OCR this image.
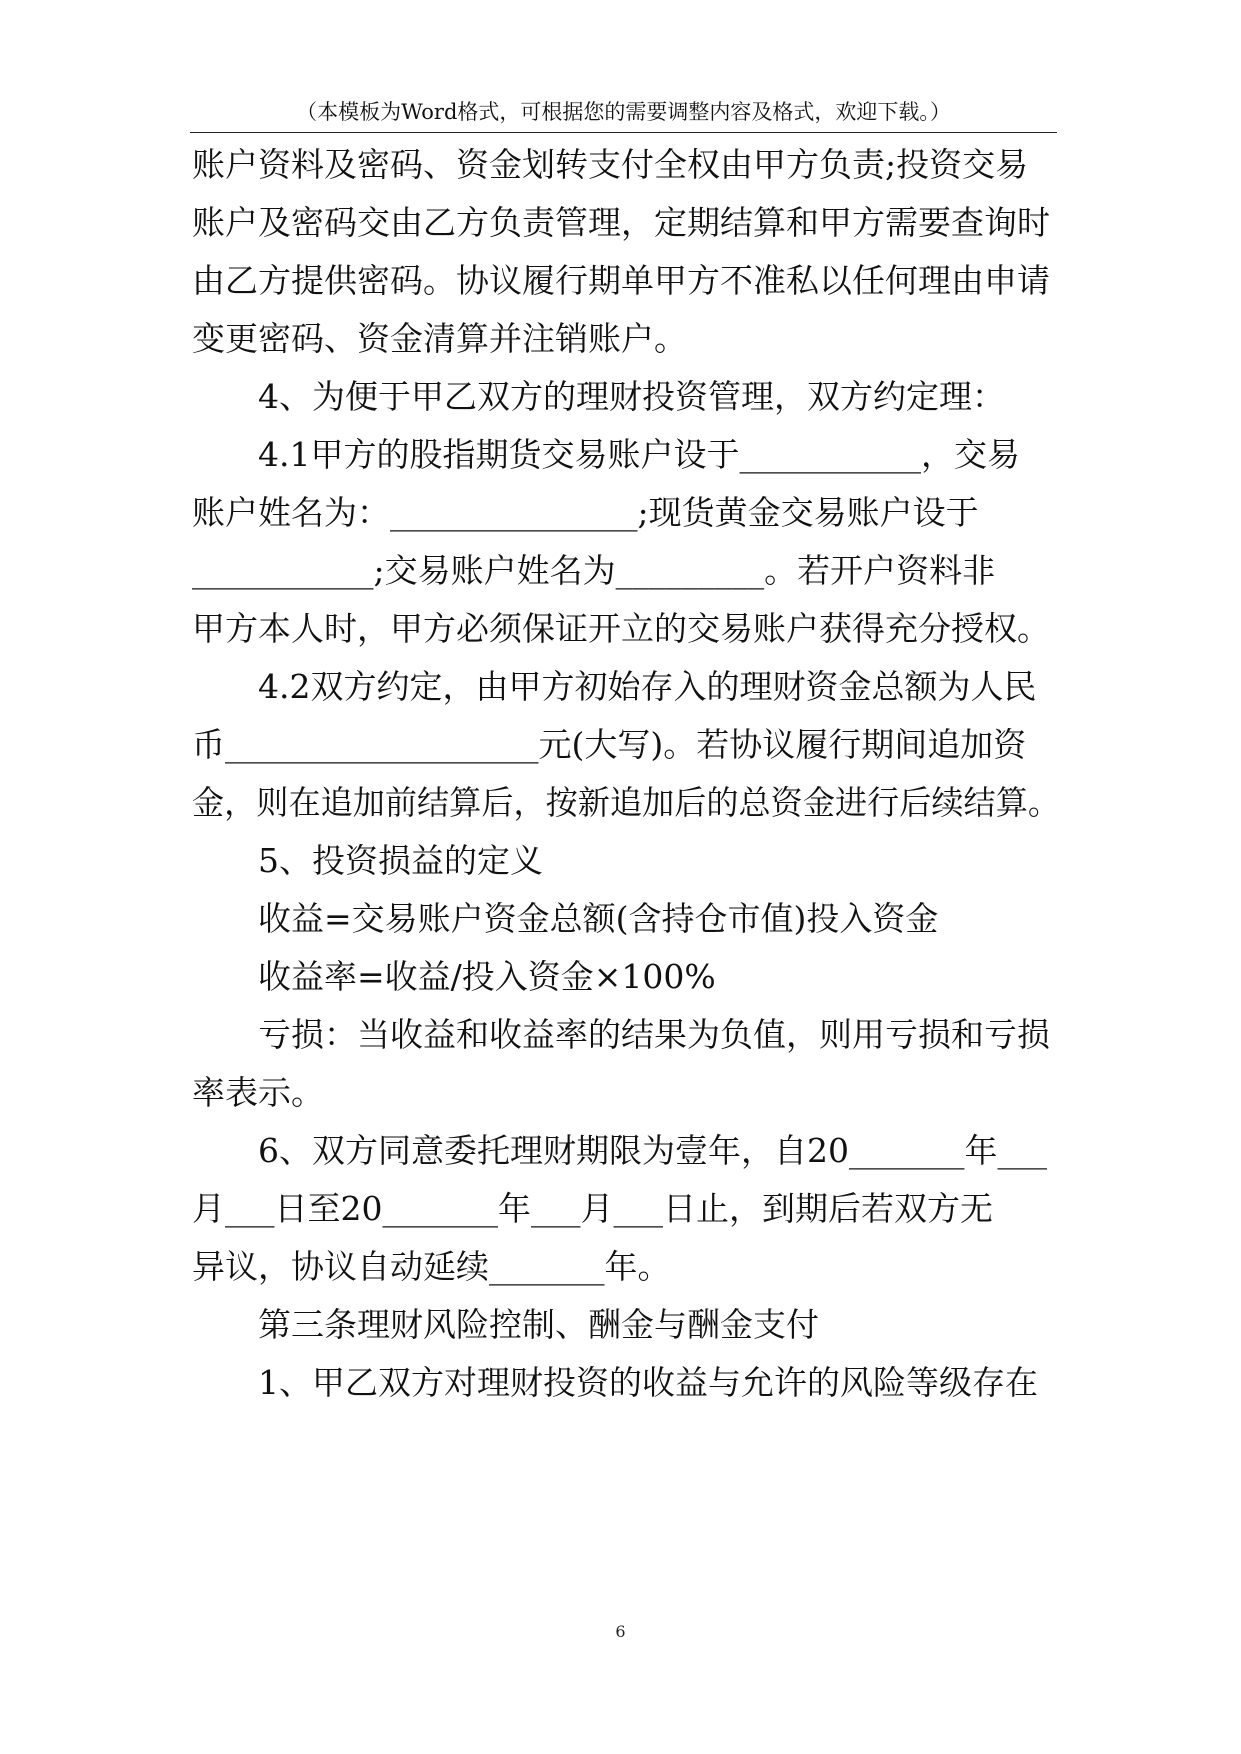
（本模板为Word格式，可根据您的需要调整内容及格式，欢迎下载。）
账户资料及密码、资金划转支付全权由甲方负责;投资交易
账户及密码交由乙方负责管理，定期结算和甲方需要查询时
由乙方提供密码。协议履行期单甲方不准私以任何理由申请
变更密码、资金清算并注销账户。
4、为便于甲乙双方的理财投资管理，双方约定理：
4.1甲方的股指期货交易账户设于___________，交易
账户姓名为：_______________;现货黄金交易账户设于
___________;交易账户姓名为_________。若开户资料非
甲方本人时，甲方必须保证开立的交易账户获得充分授权。
4.2双方约定，由甲方初始存入的理财资金总额为人民
币___________________元(大写)。若协议履行期间追加资
金，则在追加前结算后，按新追加后的总资金进行后续结算。
5、投资损益的定义
收益=交易账户资金总额(含持仓市值)投入资金
收益率=收益/投入资金×100%
亏损：当收益和收益率的结果为负值，则用亏损和亏损
率表示。
6、双方同意委托理财期限为壹年，自20_______年___
月___日至20_______年___月___日止，到期后若双方无
异议，协议自动延续_______年。
第三条理财风险控制、酬金与酬金支付
1、甲乙双方对理财投资的收益与允许的风险等级存在
6
